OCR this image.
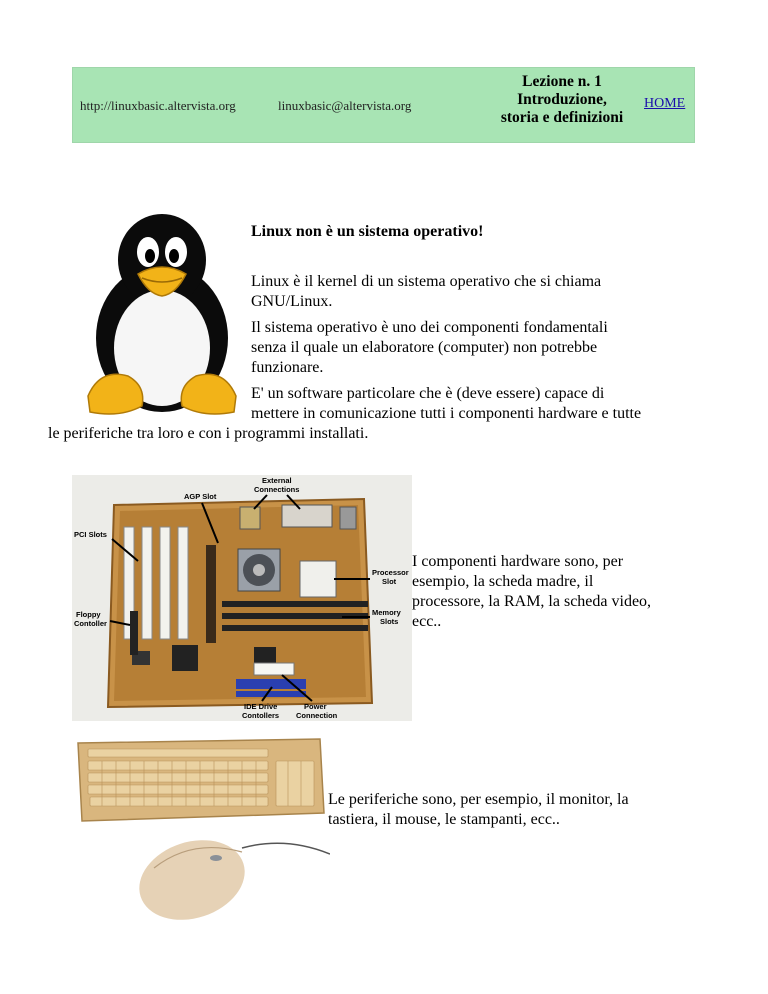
http://linuxbasic.altervista.org	linuxbasic@altervista.org
Lezione n. 1
Introduzione,
storia e definizioni
HOME
Linux non è un sistema operativo!
Linux è il kernel di un sistema operativo che si chiama
GNU/Linux.
Il sistema operativo è uno dei componenti fondamentali
senza il quale un elaboratore (computer) non potrebbe
funzionare.
E' un software particolare che è (deve essere) capace di
mettere in comunicazione tutti i componenti hardware e tutte
le periferiche tra loro e con i programmi installati.
AGP Slot
External
Connections
PCI Slots
Processor
Slot
Floppy
Contoller
Memory
Slots
IDE Drive
Contollers
Power
Connection
I componenti hardware sono, per
esempio, la scheda madre, il
processore, la RAM, la scheda video,
ecc..
Le periferiche sono, per esempio, il monitor, la
tastiera, il mouse, le stampanti, ecc..
